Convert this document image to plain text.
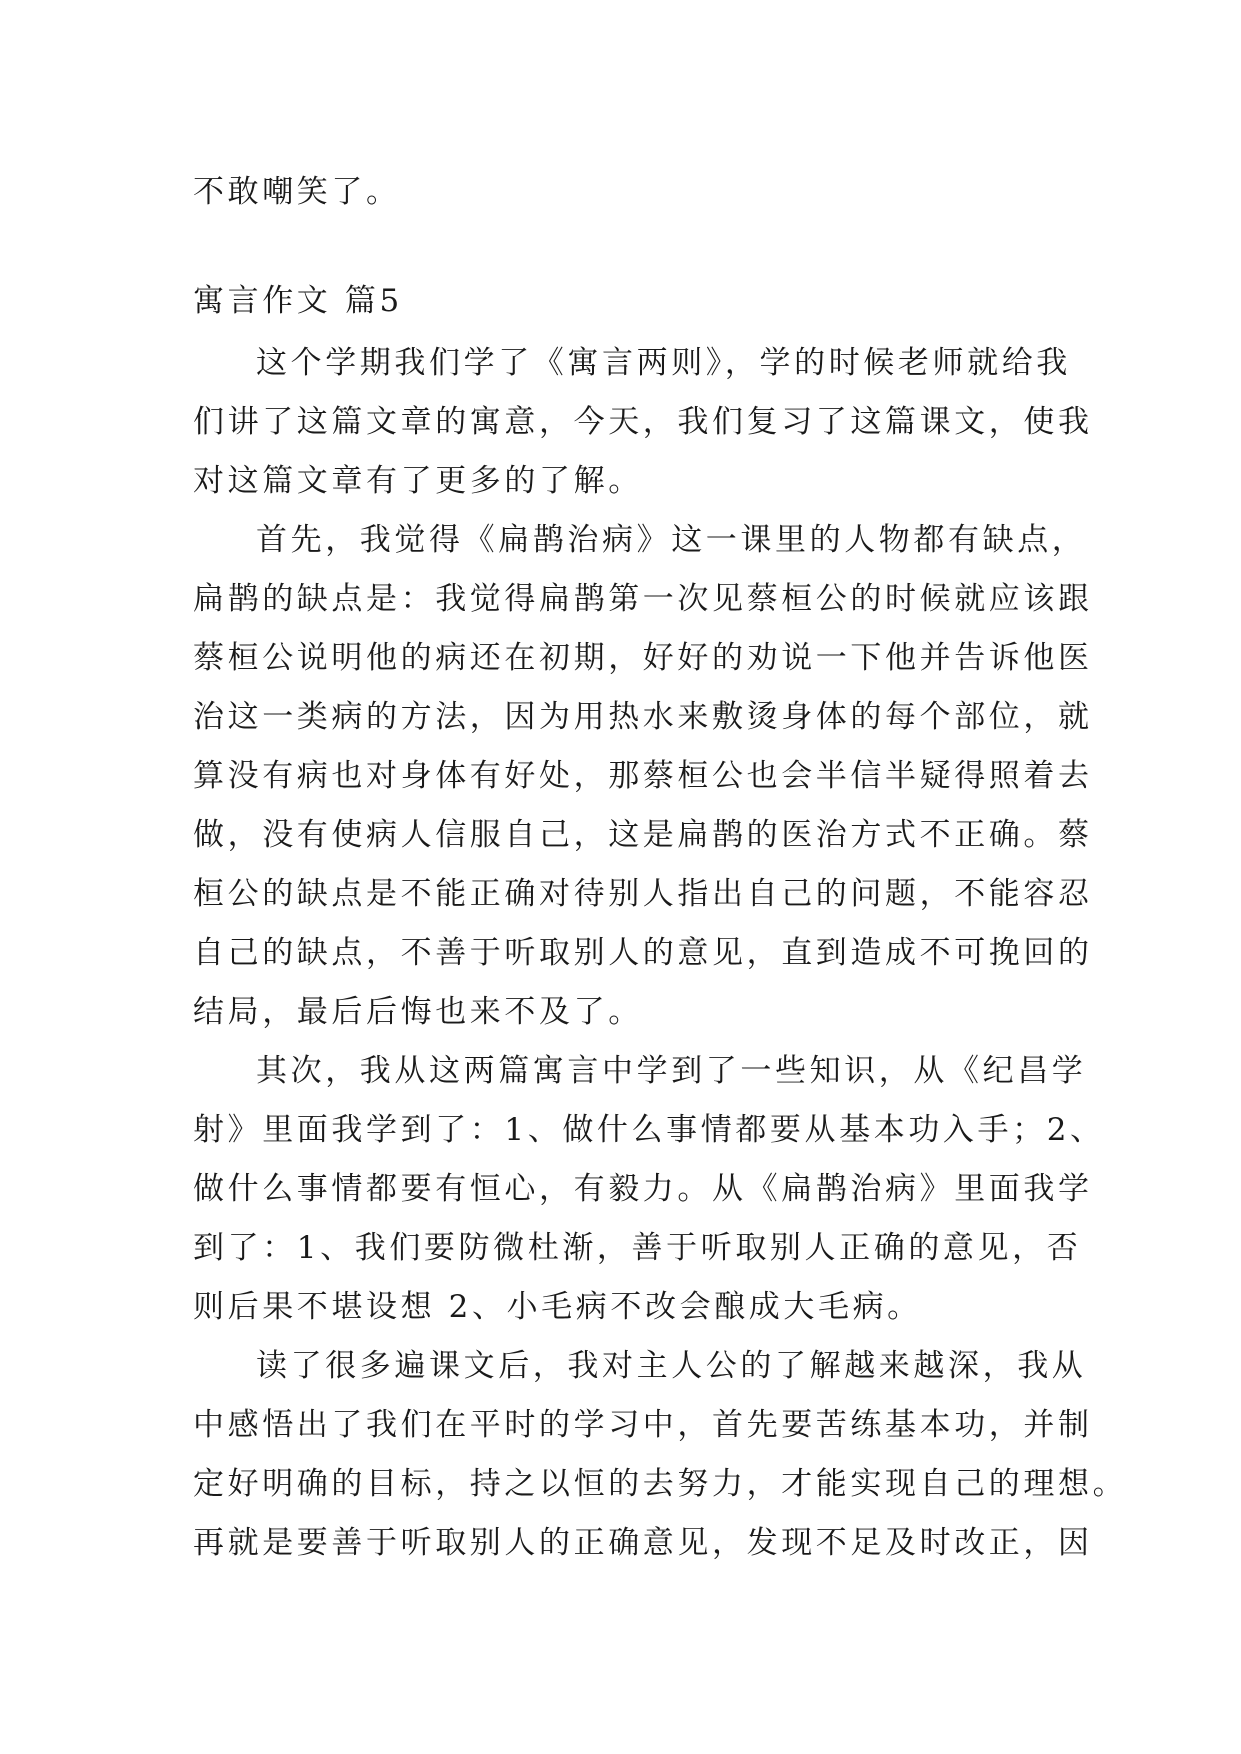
不敢嘲笑了。
寓言作文 篇5
这个学期我们学了《寓言两则》，学的时候老师就给我
们讲了这篇文章的寓意，今天，我们复习了这篇课文，使我
对这篇文章有了更多的了解。
首先，我觉得《扁鹊治病》这一课里的人物都有缺点，
扁鹊的缺点是：我觉得扁鹊第一次见蔡桓公的时候就应该跟
蔡桓公说明他的病还在初期，好好的劝说一下他并告诉他医
治这一类病的方法，因为用热水来敷烫身体的每个部位，就
算没有病也对身体有好处，那蔡桓公也会半信半疑得照着去
做，没有使病人信服自己，这是扁鹊的医治方式不正确。蔡
桓公的缺点是不能正确对待别人指出自己的问题，不能容忍
自己的缺点，不善于听取别人的意见，直到造成不可挽回的
结局，最后后悔也来不及了。
其次，我从这两篇寓言中学到了一些知识，从《纪昌学
射》里面我学到了：1、做什么事情都要从基本功入手；2、
做什么事情都要有恒心，有毅力。从《扁鹊治病》里面我学
到了：1、我们要防微杜渐，善于听取别人正确的意见，否
则后果不堪设想 2、小毛病不改会酿成大毛病。
读了很多遍课文后，我对主人公的了解越来越深，我从
中感悟出了我们在平时的学习中，首先要苦练基本功，并制
定好明确的目标，持之以恒的去努力，才能实现自己的理想。
再就是要善于听取别人的正确意见，发现不足及时改正，因
